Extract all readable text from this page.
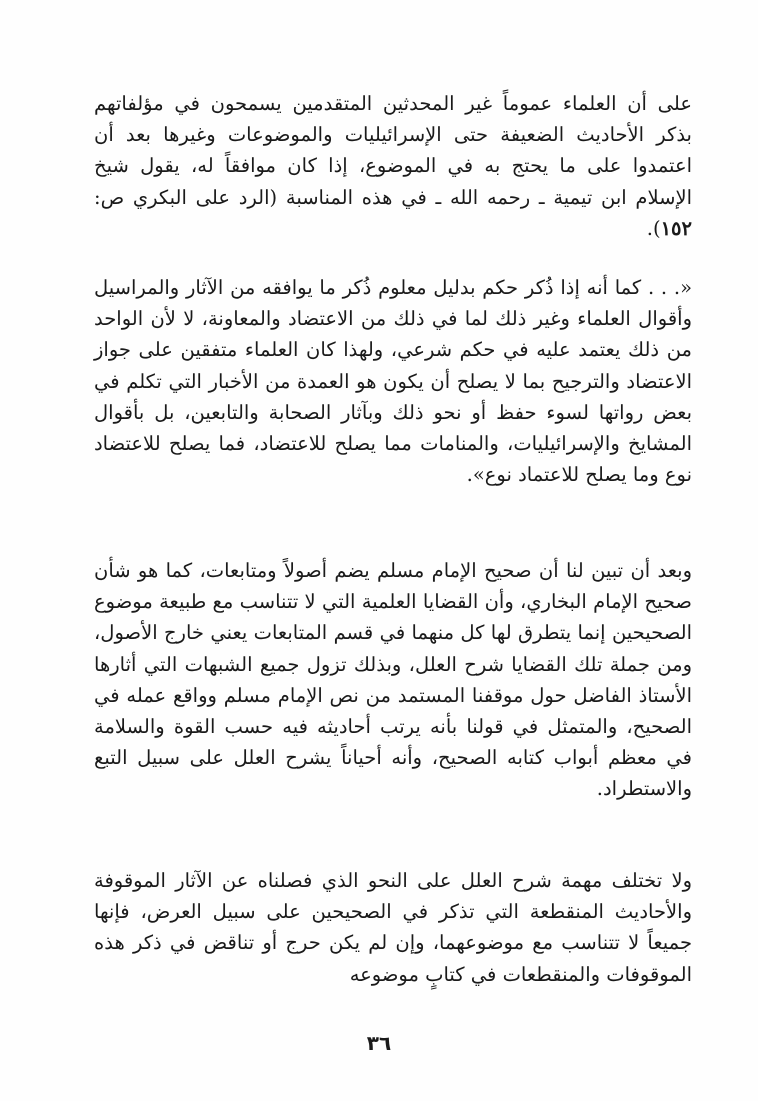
على أن العلماء عموماً غير المحدثين المتقدمين يسمحون في مؤلفاتهم بذكر الأحاديث الضعيفة حتى الإسرائيليات والموضوعات وغيرها بعد أن اعتمدوا على ما يحتج به في الموضوع، إذا كان موافقاً له، يقول شيخ الإسلام ابن تيمية ـ رحمه الله ـ في هذه المناسبة (الرد على البكري ص: ١٥٢).

«. . . كما أنه إذا ذُكر حكم بدليل معلوم ذُكر ما يوافقه من الآثار والمراسيل وأقوال العلماء وغير ذلك لما في ذلك من الاعتضاد والمعاونة، لا لأن الواحد من ذلك يعتمد عليه في حكم شرعي، ولهذا كان العلماء متفقين على جواز الاعتضاد والترجيح بما لا يصلح أن يكون هو العمدة من الأخبار التي تكلم في بعض رواتها لسوء حفظ أو نحو ذلك وبآثار الصحابة والتابعين، بل بأقوال المشايخ والإسرائيليات، والمنامات مما يصلح للاعتضاد، فما يصلح للاعتضاد نوع وما يصلح للاعتماد نوع».

وبعد أن تبين لنا أن صحيح الإمام مسلم يضم أصولاً ومتابعات، كما هو شأن صحيح الإمام البخاري، وأن القضايا العلمية التي لا تتناسب مع طبيعة موضوع الصحيحين إنما يتطرق لها كل منهما في قسم المتابعات يعني خارج الأصول، ومن جملة تلك القضايا شرح العلل، وبذلك تزول جميع الشبهات التي أثارها الأستاذ الفاضل حول موقفنا المستمد من نص الإمام مسلم وواقع عمله في الصحيح، والمتمثل في قولنا بأنه يرتب أحاديثه فيه حسب القوة والسلامة في معظم أبواب كتابه الصحيح، وأنه أحياناً يشرح العلل على سبيل التبع والاستطراد.

ولا تختلف مهمة شرح العلل على النحو الذي فصلناه عن الآثار الموقوفة والأحاديث المنقطعة التي تذكر في الصحيحين على سبيل العرض، فإنها جميعاً لا تتناسب مع موضوعهما، وإن لم يكن حرج أو تناقض في ذكر هذه الموقوفات والمنقطعات في كتابٍ موضوعه

٣٦
